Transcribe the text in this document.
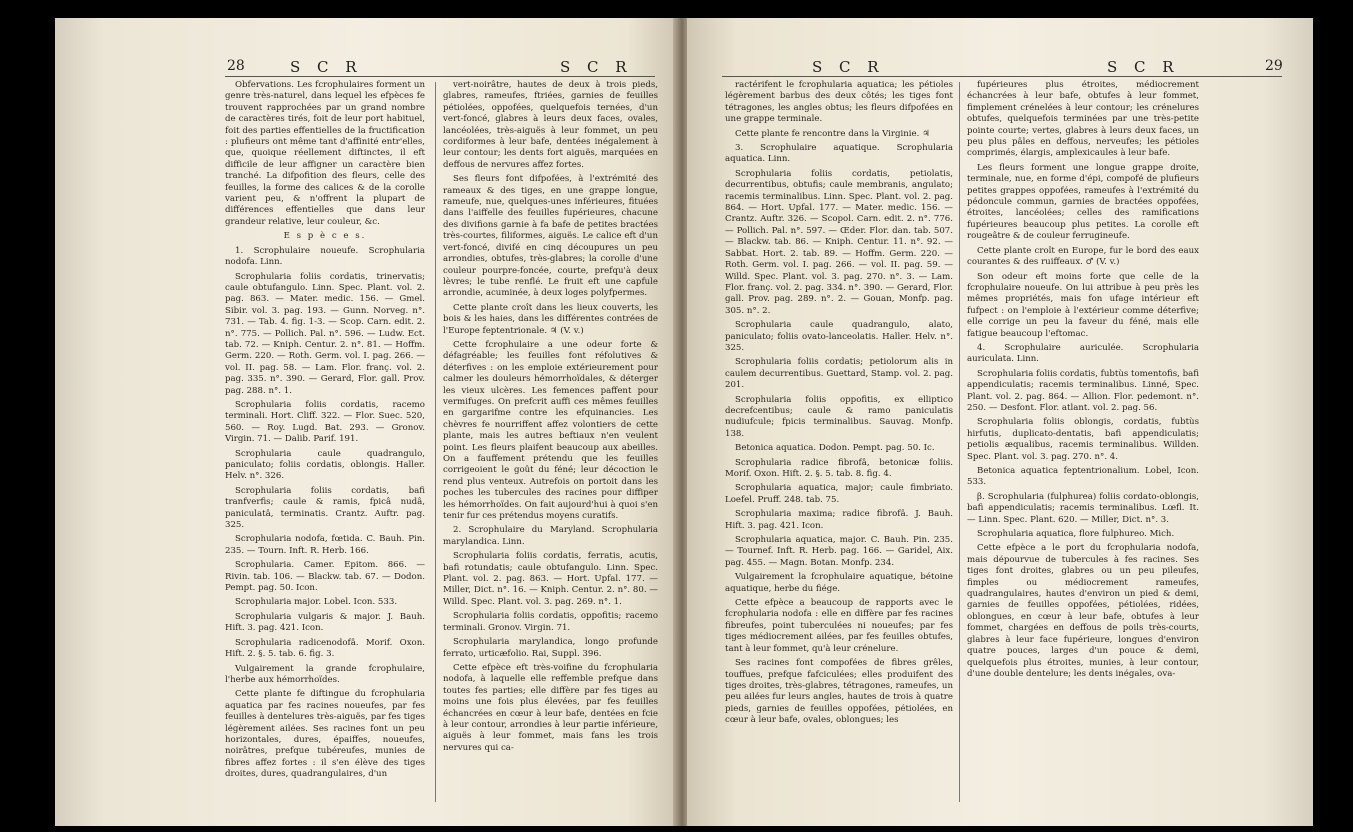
28	S C R	S C R

Obfervations. Les fcrophulaires forment un genre très-naturel, dans lequel les efpèces fe trouvent rapprochées par un grand nombre de caractères tirés, foit de leur port habituel, foit des parties effentielles de la fructification : plufieurs ont même tant d'affinité entr'elles, que, quoique réellement diftinctes, il eft difficile de leur affigner un caractère bien tranché. La difpofition des fleurs, celle des feuilles, la forme des calices & de la corolle varient peu, & n'offrent la plupart de différences effentielles que dans leur grandeur relative, leur couleur, &c.

E s p è c e s.

1. Scrophulaire noueufe. Scrophularia nodofa. Linn.

Scrophularia foliis cordatis, trinervatis; caule obtufangulo. Linn. Spec. Plant. vol. 2. pag. 863. — Mater. medic. 156. — Gmel. Sibir. vol. 3. pag. 193. — Gunn. Norveg. n°. 731. — Tab. 4. fig. 1-3. — Scop. Carn. edit. 2. n°. 775. — Pollich. Pal. n°. 596. — Ludw. Ect. tab. 72. — Kniph. Centur. 2. n°. 81. — Hoffm. Germ. 220. — Roth. Germ. vol. I. pag. 266. — vol. II. pag. 58. — Lam. Flor. franç. vol. 2. pag. 335. n°. 390. — Gerard, Flor. gall. Prov. pag. 288. n°. 1.

Scrophularia foliis cordatis, racemo terminali. Hort. Cliff. 322. — Flor. Suec. 520, 560. — Roy. Lugd. Bat. 293. — Gronov. Virgin. 71. — Dalib. Parif. 191.

Scrophularia caule quadrangulo, paniculato; foliis cordatis, oblongis. Haller. Helv. n°. 326.

Scrophularia foliis cordatis, bafi tranfverfis; caule & ramis, fpicâ nudâ, paniculatâ, terminatis. Crantz. Auftr. pag. 325.

Scrophularia nodofa, fœtida. C. Bauh. Pin. 235. — Tourn. Inft. R. Herb. 166.

Scrophularia. Camer. Epitom. 866. — Rivin. tab. 106. — Blackw. tab. 67. — Dodon. Pempt. pag. 50. Icon.

Scrophularia major. Lobel. Icon. 533.

Scrophularia vulgaris & major. J. Bauh. Hift. 3. pag. 421. Icon.

Scrophularia radicenodofâ. Morif. Oxon. Hift. 2. §. 5. tab. 6. fig. 3.

Vulgairement la grande fcrophulaire, l'herbe aux hémorrhoïdes.

Cette plante fe diftingue du fcrophularia aquatica par fes racines noueufes, par fes feuilles à dentelures très-aiguës, par fes tiges légèrement ailées. Ses racines font un peu horizontales, dures, épaiffes, noueufes, noirâtres, prefque tubéreufes, munies de fibres affez fortes : il s'en élève des tiges droites, dures, quadrangulaires, d'un

vert-noirâtre, hautes de deux à trois pieds, glabres, rameufes, ftriées, garnies de feuilles pétiolées, oppofées, quelquefois ternées, d'un vert-foncé, glabres à leurs deux faces, ovales, lancéolées, très-aiguës à leur fommet, un peu cordiformes à leur bafe, dentées inégalement à leur contour; les dents fort aiguës, marquées en deffous de nervures affez fortes.

Ses fleurs font difpofées, à l'extrémité des rameaux & des tiges, en une grappe longue, rameufe, nue, quelques-unes inférieures, fituées dans l'aiffelle des feuilles fupérieures, chacune des divifions garnie à fa bafe de petites bractées très-courtes, filiformes, aiguës. Le calice eft d'un vert-foncé, divifé en cinq découpures un peu arrondies, obtufes, très-glabres; la corolle d'une couleur pourpre-foncée, courte, prefqu'à deux lèvres; le tube renflé. Le fruit eft une capfule arrondie, acuminée, à deux loges polyfpermes.

Cette plante croît dans les lieux couverts, les bois & les haies, dans les différentes contrées de l'Europe feptentrionale. ♃ (V. v.)

Cette fcrophulaire a une odeur forte & défagréable; les feuilles font réfolutives & déterfives : on les emploie extérieurement pour calmer les douleurs hémorrhoïdales, & déterger les vieux ulcères. Les femences paffent pour vermifuges. On prefcrit auffi ces mêmes feuilles en gargarifme contre les efquinancies. Les chèvres fe nourriffent affez volontiers de cette plante, mais les autres beftiaux n'en veulent point. Les fleurs plaifent beaucoup aux abeilles. On a fauffement prétendu que les feuilles corrigeoient le goût du féné; leur décoction le rend plus venteux. Autrefois on portoit dans les poches les tubercules des racines pour diffiper les hémorrhoïdes. On fait aujourd'hui à quoi s'en tenir fur ces prétendus moyens curatifs.

2. Scrophulaire du Maryland. Scrophularia marylandica. Linn.

Scrophularia foliis cordatis, ferratis, acutis, bafi rotundatis; caule obtufangulo. Linn. Spec. Plant. vol. 2. pag. 863. — Hort. Upfal. 177. — Miller, Dict. n°. 16. — Kniph. Centur. 2. n°. 80. — Willd. Spec. Plant. vol. 3. pag. 269. n°. 1.

Scrophularia foliis cordatis, oppofitis; racemo terminali. Gronov. Virgin. 71.

Scrophularia marylandica, longo profunde ferrato, urticæfolio. Rai, Suppl. 396.

Cette efpèce eft très-voifine du fcrophularia nodofa, à laquelle elle reffemble prefque dans toutes fes parties; elle diffère par fes tiges au moins une fois plus élevées, par fes feuilles échancrées en cœur à leur bafe, dentées en fcie à leur contour, arrondies à leur partie inférieure, aiguës à leur fommet, mais fans les trois nervures qui ca-

S C R	S C R	29

ractérifent le fcrophularia aquatica; les pétioles légèrement barbus des deux côtés; les tiges font tétragones, les angles obtus; les fleurs difpofées en une grappe terminale.

Cette plante fe rencontre dans la Virginie. ♃

3. Scrophulaire aquatique. Scrophularia aquatica. Linn.

Scrophularia foliis cordatis, petiolatis, decurrentibus, obtufis; caule membranis, angulato; racemis terminalibus. Linn. Spec. Plant. vol. 2. pag. 864. — Hort. Upfal. 177. — Mater. medic. 156. — Crantz. Auftr. 326. — Scopol. Carn. edit. 2. n°. 776. — Pollich. Pal. n°. 597. — Œder. Flor. dan. tab. 507. — Blackw. tab. 86. — Kniph. Centur. 11. n°. 92. — Sabbat. Hort. 2. tab. 89. — Hoffm. Germ. 220. — Roth. Germ. vol. I. pag. 266. — vol. II. pag. 59. — Willd. Spec. Plant. vol. 3. pag. 270. n°. 3. — Lam. Flor. franç. vol. 2. pag. 334. n°. 390. — Gerard, Flor. gall. Prov. pag. 289. n°. 2. — Gouan, Monfp. pag. 305. n°. 2.

Scrophularia caule quadrangulo, alato, paniculato; foliis ovato-lanceolatis. Haller. Helv. n°. 325.

Scrophularia foliis cordatis; petiolorum alis in caulem decurrentibus. Guettard, Stamp. vol. 2. pag. 201.

Scrophularia foliis oppofitis, ex elliptico decrefcentibus; caule & ramo paniculatis nudiufcule; fpicis terminalibus. Sauvag. Monfp. 138.

Betonica aquatica. Dodon. Pempt. pag. 50. Ic.

Scrophularia radice fibrofâ, betonicæ foliis. Morif. Oxon. Hift. 2. §. 5. tab. 8. fig. 4.

Scrophularia aquatica, major; caule fimbriato. Loefel. Pruff. 248. tab. 75.

Scrophularia maxima; radice fibrofâ. J. Bauh. Hift. 3. pag. 421. Icon.

Scrophularia aquatica, major. C. Bauh. Pin. 235. — Tournef. Inft. R. Herb. pag. 166. — Garidel, Aix. pag. 455. — Magn. Botan. Monfp. 234.

Vulgairement la fcrophulaire aquatique, bétoine aquatique, herbe du fiége.

Cette efpèce a beaucoup de rapports avec le fcrophularia nodofa : elle en diffère par fes racines fibreufes, point tuberculées ni noueufes; par fes tiges médiocrement ailées, par fes feuilles obtufes, tant à leur fommet, qu'à leur crénelure.

Ses racines font compofées de fibres grêles, touffues, prefque fafciculées; elles produifent des tiges droites, très-glabres, tétragones, rameufes, un peu ailées fur leurs angles, hautes de trois à quatre pieds, garnies de feuilles oppofées, pétiolées, en cœur à leur bafe, ovales, oblongues; les

fupérieures plus étroites, médiocrement échancrées à leur bafe, obtufes à leur fommet, fimplement crénelées à leur contour; les crénelures obtufes, quelquefois terminées par une très-petite pointe courte; vertes, glabres à leurs deux faces, un peu plus pâles en deffous, nerveufes; les pétioles comprimés, élargis, amplexicaules à leur bafe.

Les fleurs forment une longue grappe droite, terminale, nue, en forme d'épi, compofé de plufieurs petites grappes oppofées, rameufes à l'extrémité du pédoncule commun, garnies de bractées oppofées, étroites, lancéolées; celles des ramifications fupérieures beaucoup plus petites. La corolle eft rougeâtre & de couleur ferrugineufe.

Cette plante croît en Europe, fur le bord des eaux courantes & des ruiffeaux. ♂ (V. v.)

Son odeur eft moins forte que celle de la fcrophulaire noueufe. On lui attribue à peu près les mêmes propriétés, mais fon ufage intérieur eft fufpect : on l'emploie à l'extérieur comme déterfive; elle corrige un peu la faveur du féné, mais elle fatigue beaucoup l'eftomac.

4. Scrophulaire auriculée. Scrophularia auriculata. Linn.

Scrophularia foliis cordatis, fubtùs tomentofis, bafi appendiculatis; racemis terminalibus. Linné, Spec. Plant. vol. 2. pag. 864. — Allion. Flor. pedemont. n°. 250. — Desfont. Flor. atlant. vol. 2. pag. 56.

Scrophularia foliis oblongis, cordatis, fubtùs hirfutis, duplicato-dentatis, bafi appendiculatis; petiolis æqualibus, racemis terminalibus. Willden. Spec. Plant. vol. 3. pag. 270. n°. 4.

Betonica aquatica feptentrionalium. Lobel, Icon. 533.

β. Scrophularia (fulphurea) foliis cordato-oblongis, bafi appendiculatis; racemis terminalibus. Lœfl. It. — Linn. Spec. Plant. 620. — Miller, Dict. n°. 3.

Scrophularia aquatica, flore fulphureo. Mich.

Cette efpèce a le port du fcrophularia nodofa, mais dépourvue de tubercules à fes racines. Ses tiges font droites, glabres ou un peu pileufes, fimples ou médiocrement rameufes, quadrangulaires, hautes d'environ un pied & demi, garnies de feuilles oppofées, pétiolées, ridées, oblongues, en cœur à leur bafe, obtufes à leur fommet, chargées en deffous de poils très-courts, glabres à leur face fupérieure, longues d'environ quatre pouces, larges d'un pouce & demi, quelquefois plus étroites, munies, à leur contour, d'une double dentelure; les dents inégales, ova-
